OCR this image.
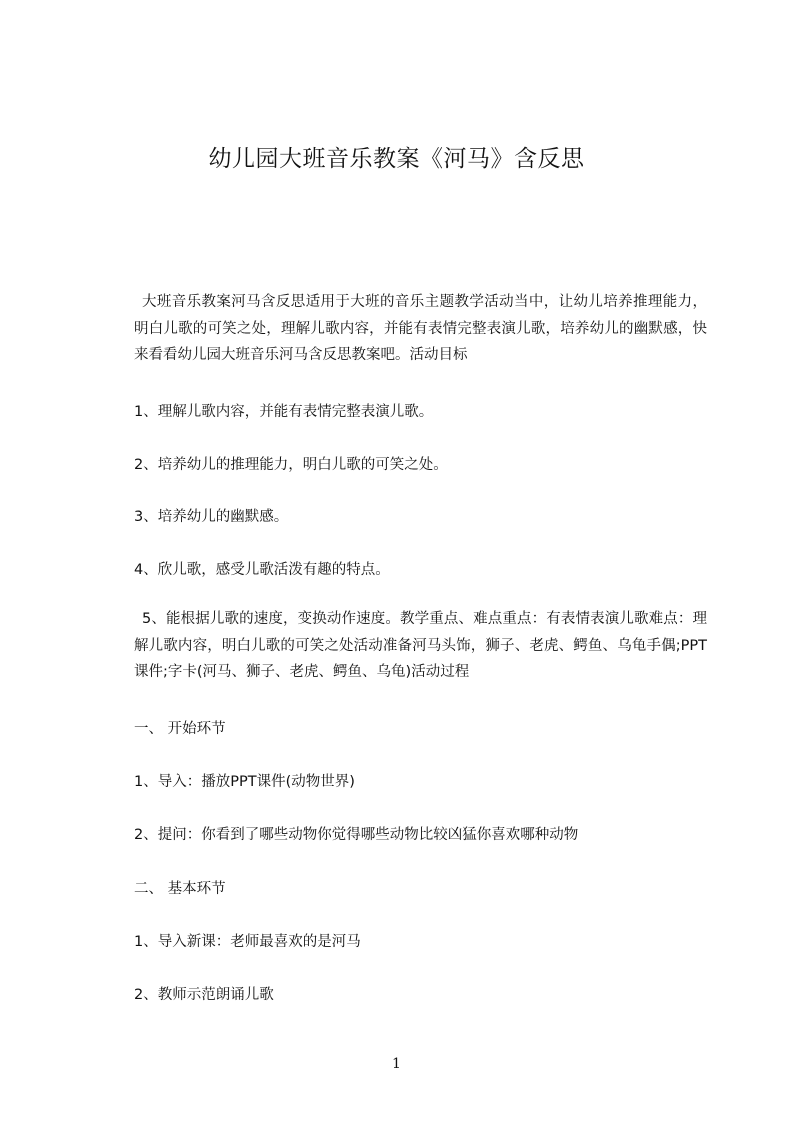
幼儿园大班音乐教案《河马》含反思

大班音乐教案河马含反思适用于大班的音乐主题教学活动当中，让幼儿培养推理能力，明白儿歌的可笑之处，理解儿歌内容，并能有表情完整表演儿歌，培养幼儿的幽默感，快来看看幼儿园大班音乐河马含反思教案吧。活动目标

1、理解儿歌内容，并能有表情完整表演儿歌。

2、培养幼儿的推理能力，明白儿歌的可笑之处。

3、培养幼儿的幽默感。

4、欣儿歌，感受儿歌活泼有趣的特点。

5、能根据儿歌的速度，变换动作速度。教学重点、难点重点：有表情表演儿歌难点：理解儿歌内容，明白儿歌的可笑之处活动准备河马头饰，狮子、老虎、鳄鱼、乌龟手偶;PPT课件;字卡(河马、狮子、老虎、鳄鱼、乌龟)活动过程

一、 开始环节

1、导入：播放PPT课件(动物世界)

2、提问：你看到了哪些动物你觉得哪些动物比较凶猛你喜欢哪种动物

二、 基本环节

1、导入新课：老师最喜欢的是河马

2、教师示范朗诵儿歌

1
